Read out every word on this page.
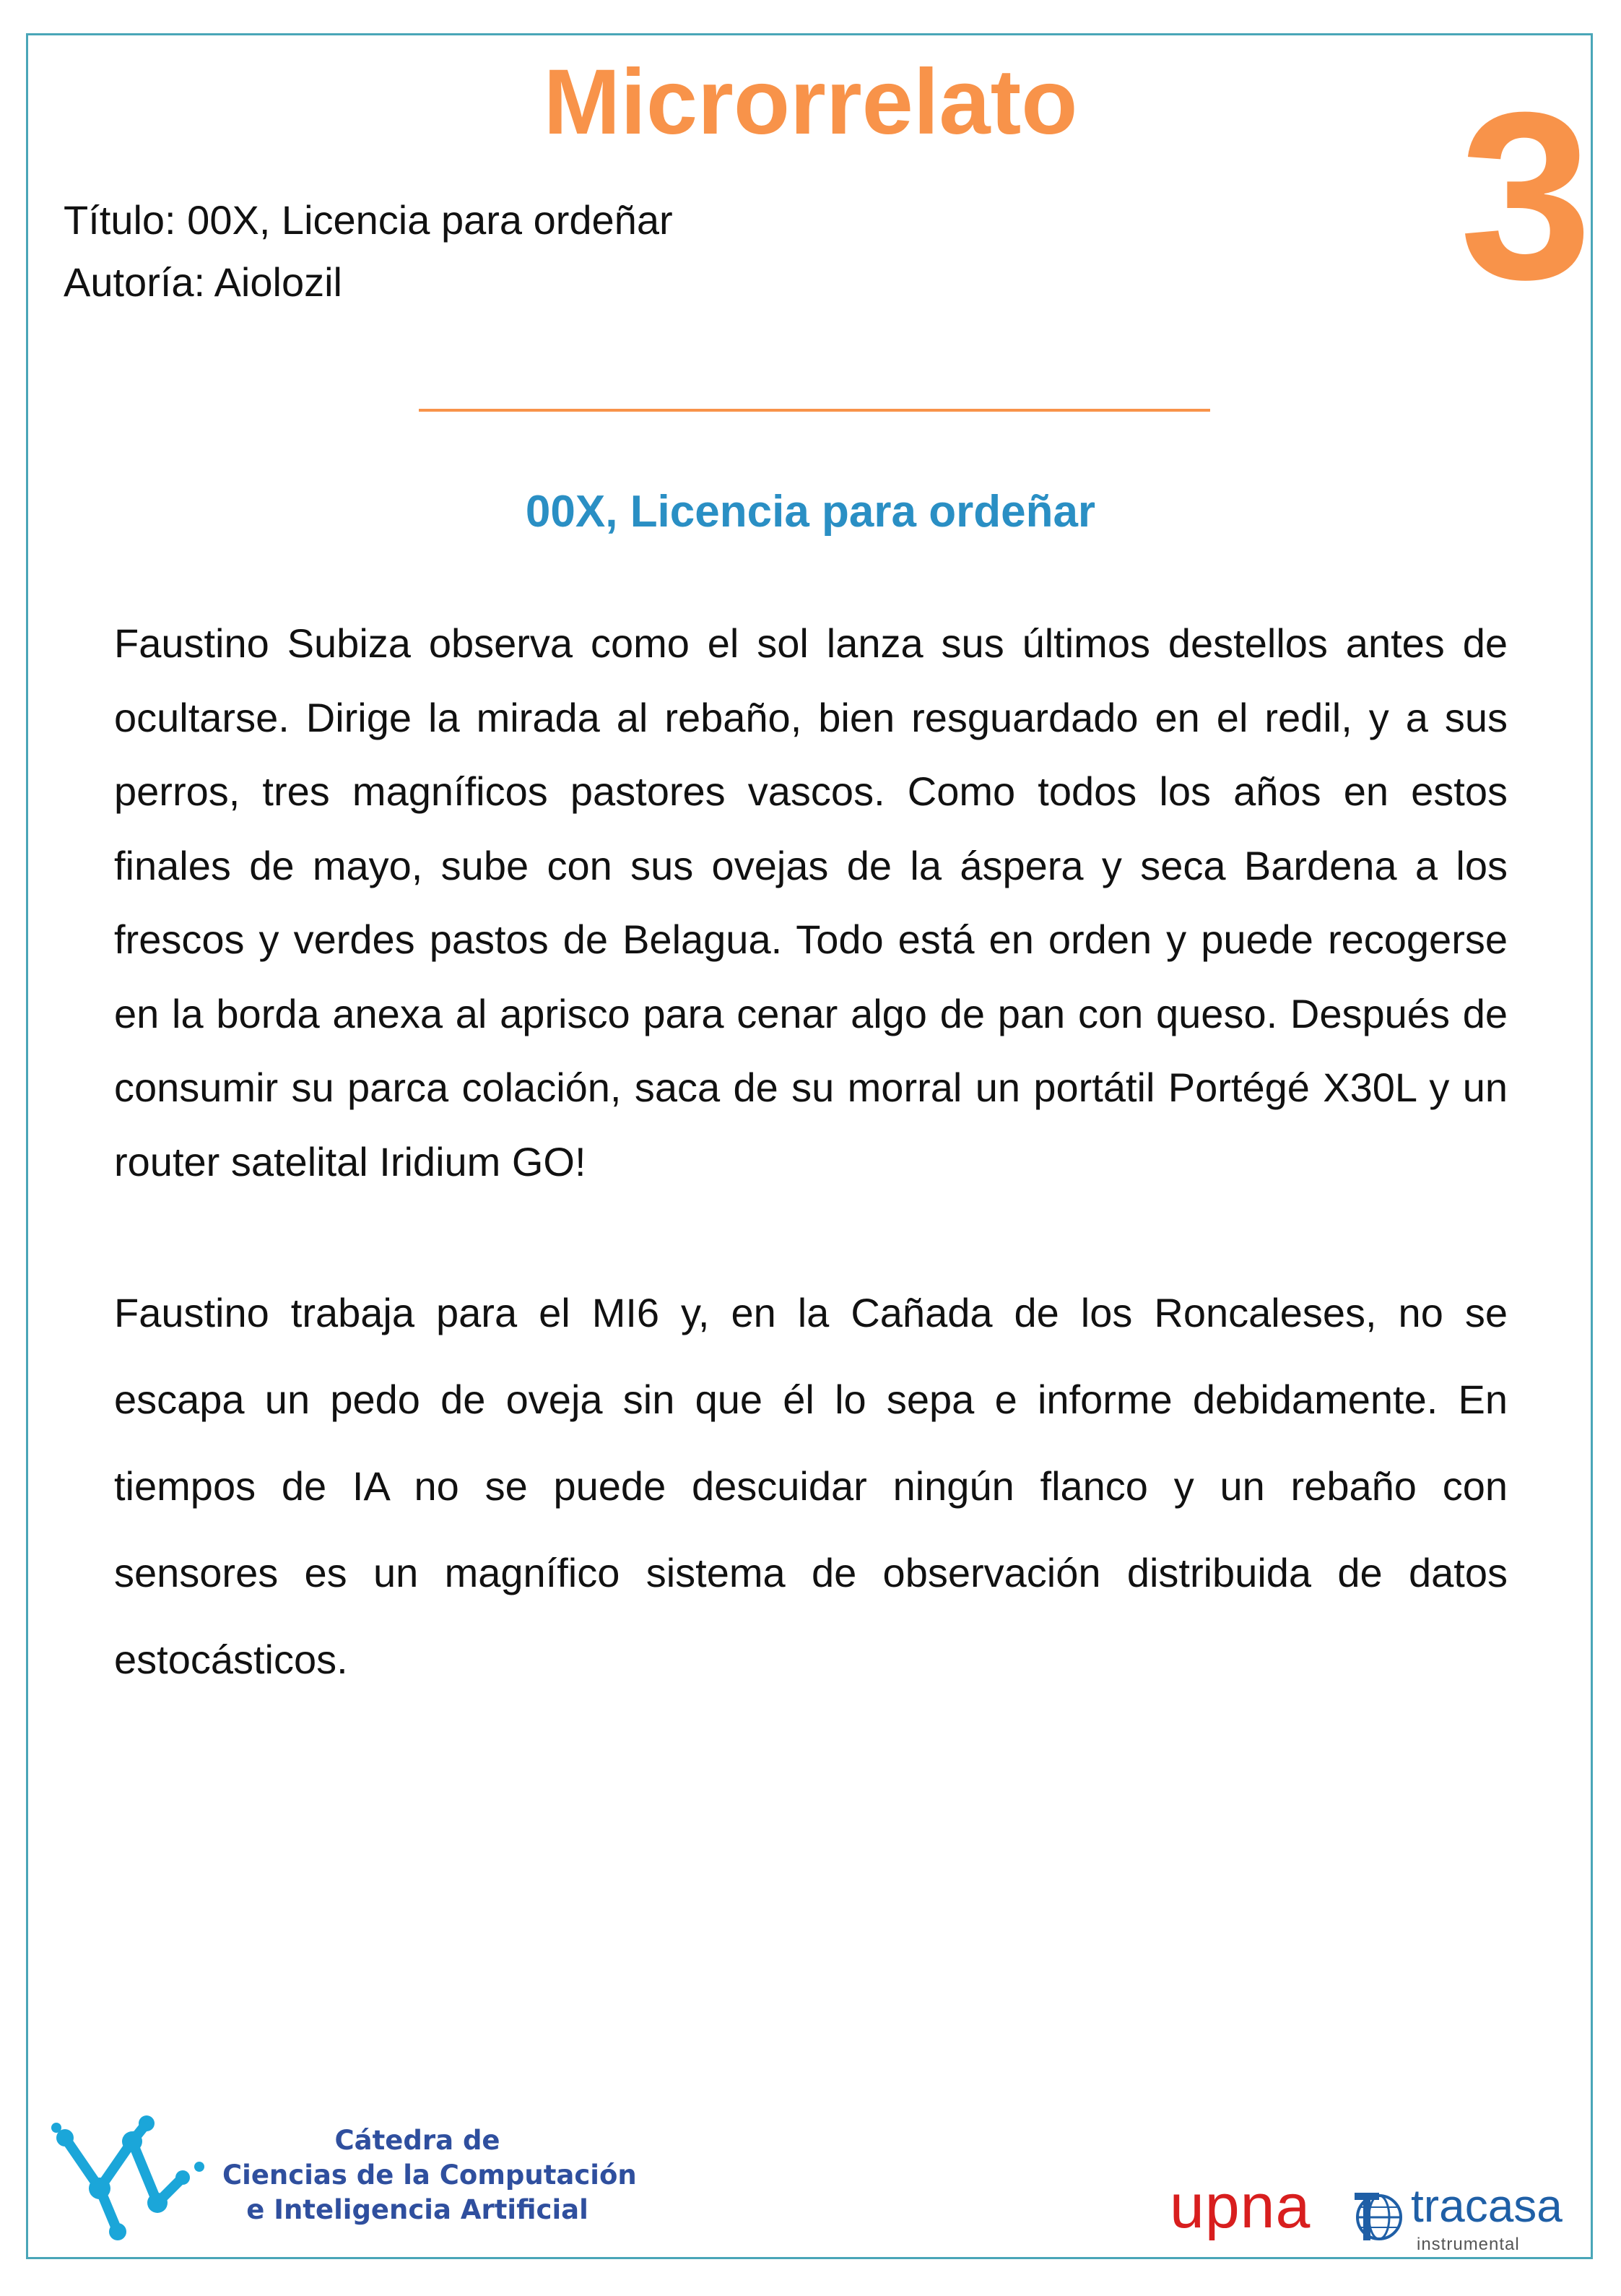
Microrrelato	3

Título: 00X, Licencia para ordeñar

Autoría: Aiolozil

00X, Licencia para ordeñar

Faustino Subiza observa como el sol lanza sus últimos destellos antes de ocultarse. Dirige la mirada al rebaño, bien resguardado en el redil, y a sus perros, tres magníficos pastores vascos. Como todos los años en estos finales de mayo, sube con sus ovejas de la áspera y seca Bardena a los frescos y verdes pastos de Belagua. Todo está en orden y puede recogerse en la borda anexa al aprisco para cenar algo de pan con queso. Después de consumir su parca colación, saca de su morral un portátil Portégé X30L y un router satelital Iridium GO!

Faustino trabaja para el MI6 y, en la Cañada de los Roncaleses, no se escapa un pedo de oveja sin que él lo sepa e informe debidamente. En tiempos de IA no se puede descuidar ningún flanco y un rebaño con sensores es un magnífico sistema de observación distribuida de datos estocásticos.

Cátedra de
Ciencias de la Computación
e Inteligencia Artificial	upna tracasa

instrumental
